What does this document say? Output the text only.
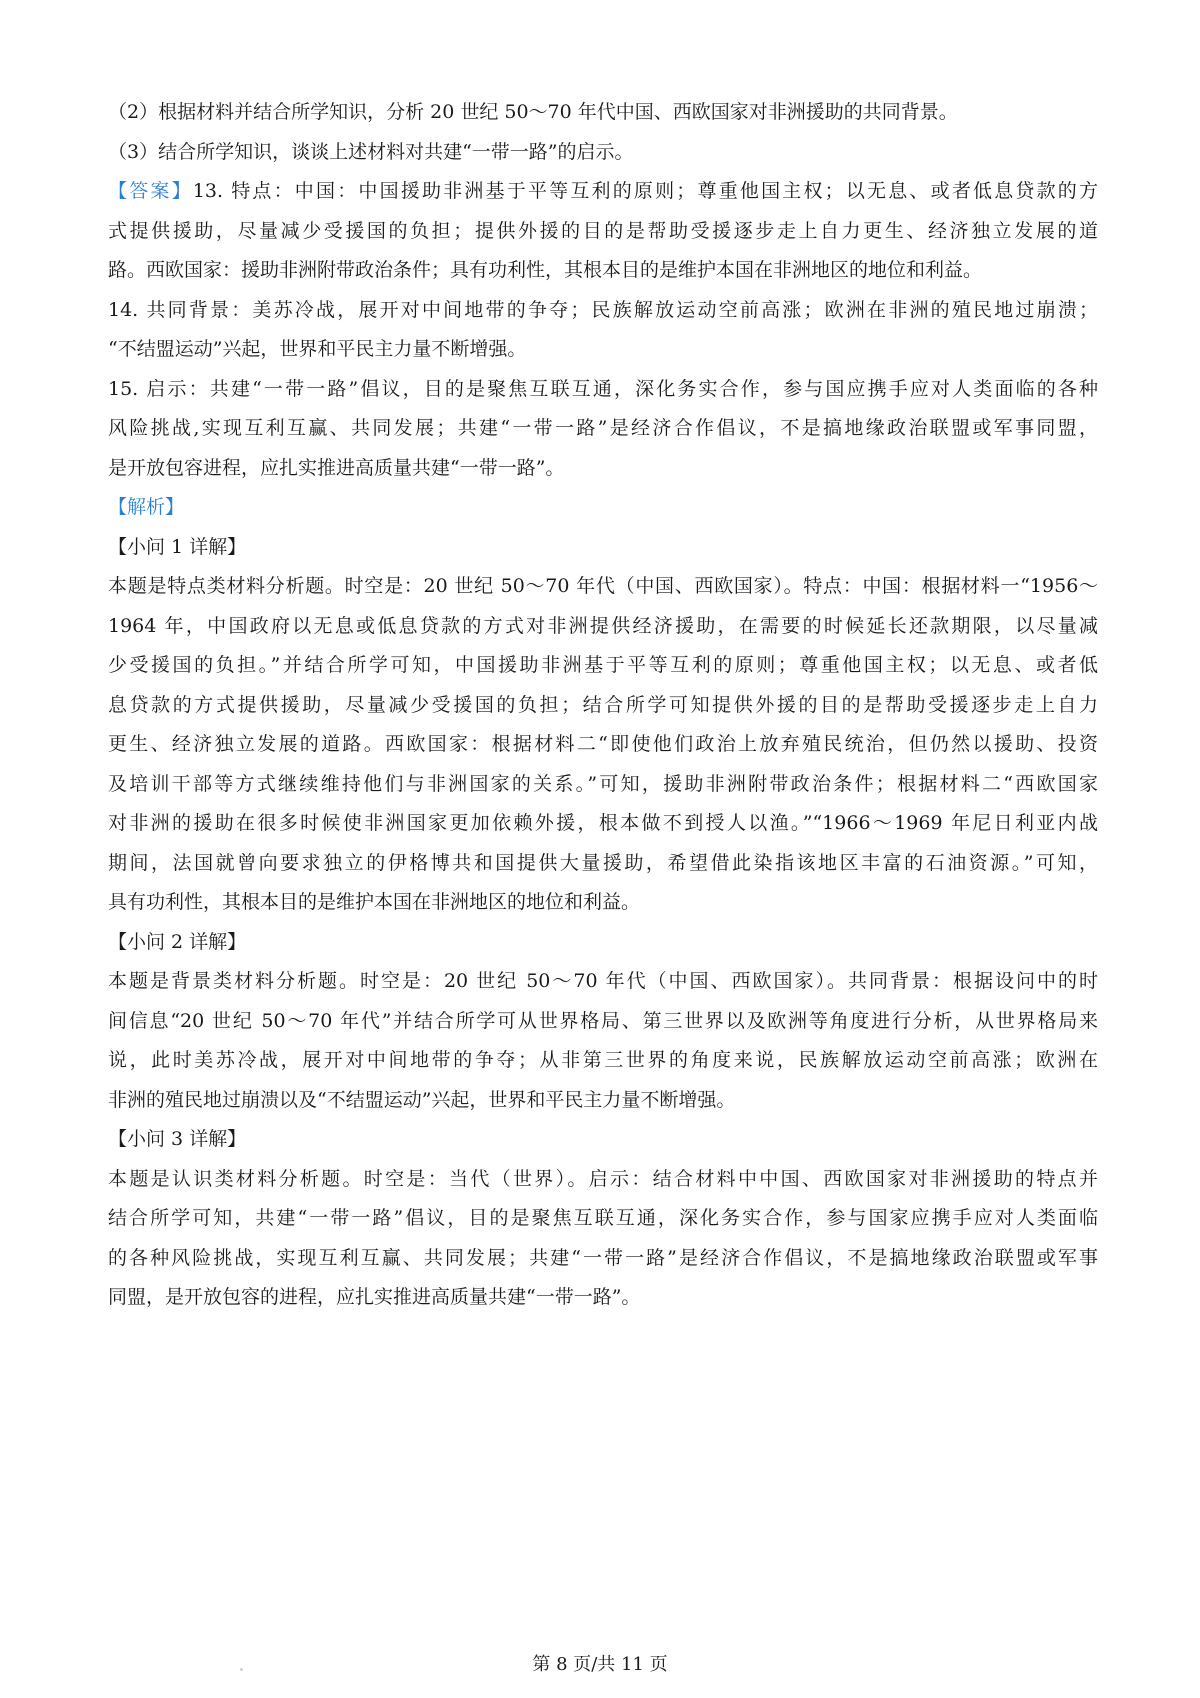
（2）根据材料并结合所学知识，分析 20 世纪 50～70 年代中国、西欧国家对非洲援助的共同背景。
（3）结合所学知识，谈谈上述材料对共建“一带一路”的启示。
【答案】13. 特点：中国：中国援助非洲基于平等互利的原则；尊重他国主权；以无息、或者低息贷款的方
式提供援助，尽量减少受援国的负担；提供外援的目的是帮助受援逐步走上自力更生、经济独立发展的道
路。西欧国家：援助非洲附带政治条件；具有功利性，其根本目的是维护本国在非洲地区的地位和利益。
14. 共同背景：美苏冷战，展开对中间地带的争夺；民族解放运动空前高涨；欧洲在非洲的殖民地过崩溃；
“不结盟运动”兴起，世界和平民主力量不断增强。
15. 启示：共建“一带一路”倡议，目的是聚焦互联互通，深化务实合作，参与国应携手应对人类面临的各种
风险挑战,实现互利互赢、共同发展；共建“一带一路”是经济合作倡议，不是搞地缘政治联盟或军事同盟，
是开放包容进程，应扎实推进高质量共建“一带一路”。
【解析】
【小问 1 详解】
本题是特点类材料分析题。时空是：20 世纪 50～70 年代（中国、西欧国家）。特点：中国：根据材料一“1956～
1964 年，中国政府以无息或低息贷款的方式对非洲提供经济援助，在需要的时候延长还款期限，以尽量减
少受援国的负担。”并结合所学可知，中国援助非洲基于平等互利的原则；尊重他国主权；以无息、或者低
息贷款的方式提供援助，尽量减少受援国的负担；结合所学可知提供外援的目的是帮助受援逐步走上自力
更生、经济独立发展的道路。西欧国家：根据材料二“即使他们政治上放弃殖民统治，但仍然以援助、投资
及培训干部等方式继续维持他们与非洲国家的关系。”可知，援助非洲附带政治条件；根据材料二“西欧国家
对非洲的援助在很多时候使非洲国家更加依赖外援，根本做不到授人以渔。”“1966～1969 年尼日利亚内战
期间，法国就曾向要求独立的伊格博共和国提供大量援助，希望借此染指该地区丰富的石油资源。”可知，
具有功利性，其根本目的是维护本国在非洲地区的地位和利益。
【小问 2 详解】
本题是背景类材料分析题。时空是：20 世纪 50～70 年代（中国、西欧国家）。共同背景：根据设问中的时
间信息“20 世纪 50～70 年代”并结合所学可从世界格局、第三世界以及欧洲等角度进行分析，从世界格局来
说，此时美苏冷战，展开对中间地带的争夺；从非第三世界的角度来说，民族解放运动空前高涨；欧洲在
非洲的殖民地过崩溃以及“不结盟运动”兴起，世界和平民主力量不断增强。
【小问 3 详解】
本题是认识类材料分析题。时空是：当代（世界）。启示：结合材料中中国、西欧国家对非洲援助的特点并
结合所学可知，共建“一带一路”倡议，目的是聚焦互联互通，深化务实合作，参与国家应携手应对人类面临
的各种风险挑战，实现互利互赢、共同发展；共建“一带一路”是经济合作倡议，不是搞地缘政治联盟或军事
同盟，是开放包容的进程，应扎实推进高质量共建“一带一路”。
第 8 页/共 11 页
